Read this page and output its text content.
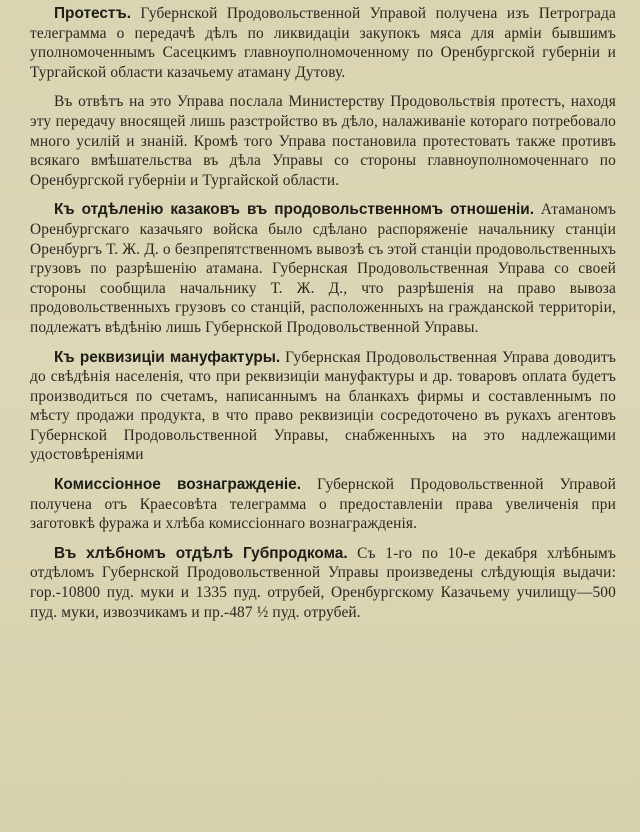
Протестъ. Губернской Продовольственной Управой получена изъ Петрограда телеграмма о передачѣ дѣлъ по ликвидаціи закупокъ мяса для арміи бывшимъ уполномоченнымъ Сасецкимъ главноуполномоченному по Оренбургской губерніи и Тургайской области казачьему атаману Дутову.

Въ отвѣтъ на это Управа послала Министерству Продовольствія протестъ, находя эту передачу вносящей лишь разстройство въ дѣло, налаживаніе котораго потребовало много усилій и знаній. Кромѣ того Управа постановила протестовать также противъ всякаго вмѣшательства въ дѣла Управы со стороны главноуполномоченнаго по Оренбургской губерніи и Тургайской области.

Къ отдѣленію казаковъ въ продовольственномъ отношеніи. Атаманомъ Оренбургскаго казачьяго войска было сдѣлано распоряженіе начальнику станціи Оренбургъ Т. Ж. Д. о безпрепятственномъ вывозѣ съ этой станціи продовольственныхъ грузовъ по разрѣшенію атамана. Губернская Продовольственная Управа со своей стороны сообщила начальнику Т. Ж. Д., что разрѣшенія на право вывоза продовольственныхъ грузовъ со станцій, расположенныхъ на гражданской территоріи, подлежатъ вѣдѣнію лишь Губернской Продовольственной Управы.

Къ реквизиціи мануфактуры. Губернская Продовольственная Управа доводитъ до свѣдѣнія населенія, что при реквизиціи мануфактуры и др. товаровъ оплата будетъ производиться по счетамъ, написаннымъ на бланкахъ фирмы и составленнымъ по мѣсту продажи продукта, в что право реквизиціи сосредоточено въ рукахъ агентовъ Губернской Продовольственной Управы, снабженныхъ на это надлежащими удостовѣреніями

Комиссіонное вознагражденіе. Губернской Продовольственной Управой получена отъ Краесовѣта телеграмма о предоставленіи права увеличенія при заготовкѣ фуража и хлѣба комиссіоннаго вознагражденія.

Въ хлѣбномъ отдѣлѣ Губпродкома. Съ 1-го по 10-е декабря хлѣбнымъ отдѣломъ Губернской Продовольственной Управы произведены слѣдующія выдачи: гор.-10800 пуд. муки и 1335 пуд. отрубей, Оренбургскому Казачьему училищу—500 пуд. муки, извозчикамъ и пр.-487 ½ пуд. отрубей.
